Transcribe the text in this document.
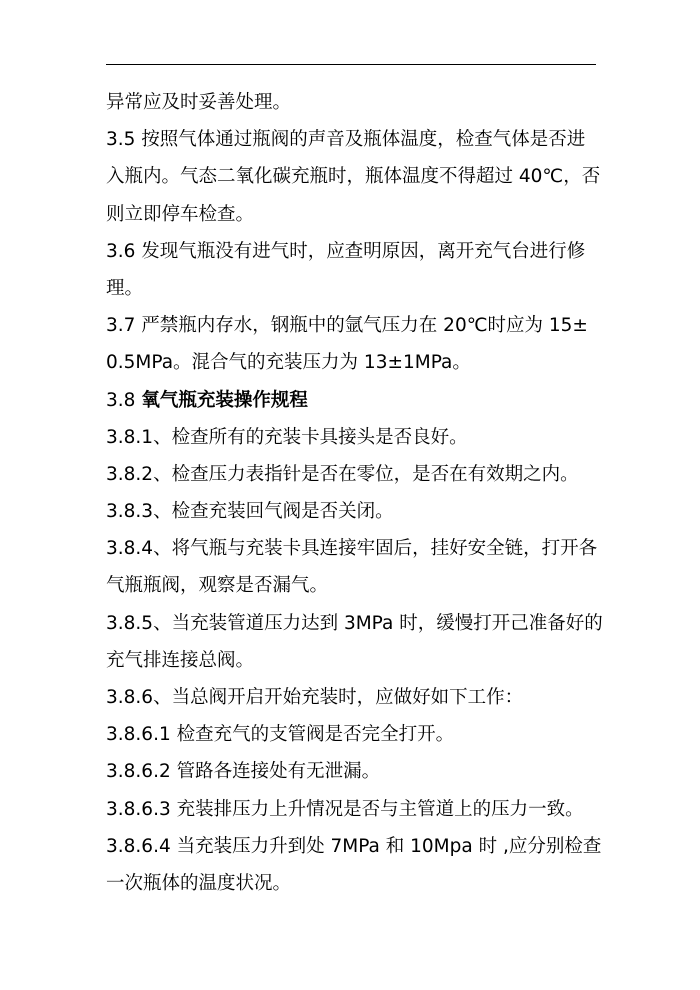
异常应及时妥善处理。
3.5 按照气体通过瓶阀的声音及瓶体温度，检查气体是否进
入瓶内。气态二氧化碳充瓶时，瓶体温度不得超过 40℃，否
则立即停车检查。
3.6 发现气瓶没有进气时，应查明原因，离开充气台进行修
理。
3.7 严禁瓶内存水，钢瓶中的氩气压力在 20℃时应为 15±
0.5MPa。混合气的充装压力为 13±1MPa。
3.8 氧气瓶充装操作规程
3.8.1、检查所有的充装卡具接头是否良好。
3.8.2、检查压力表指针是否在零位，是否在有效期之内。
3.8.3、检查充装回气阀是否关闭。
3.8.4、将气瓶与充装卡具连接牢固后，挂好安全链，打开各
气瓶瓶阀，观察是否漏气。
3.8.5、当充装管道压力达到 3MPa 时，缓慢打开己准备好的
充气排连接总阀。
3.8.6、当总阀开启开始充装时，应做好如下工作：
3.8.6.1 检查充气的支管阀是否完全打开。
3.8.6.2 管路各连接处有无泄漏。
3.8.6.3 充装排压力上升情况是否与主管道上的压力一致。
3.8.6.4 当充装压力升到处 7MPa 和 10Mpa 时 ,应分别检查
一次瓶体的温度状况。
